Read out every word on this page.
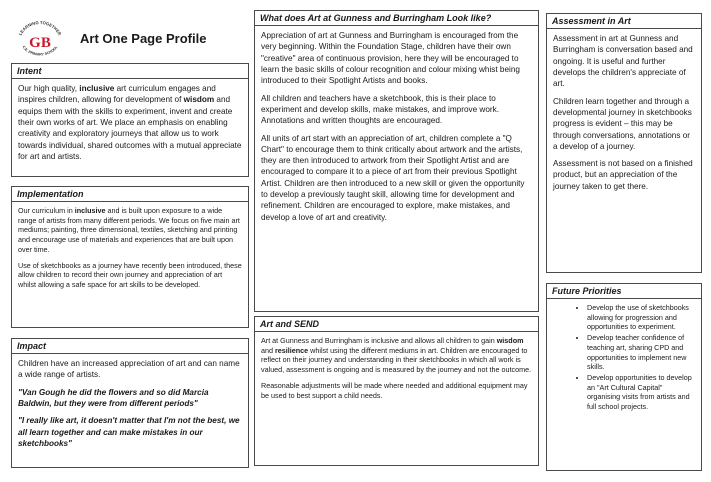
LEARNING TOGETHER
GB
C.E. PRIMARY SCHOOL
Art One Page Profile
Intent

Our high quality, inclusive art curriculum engages and inspires children, allowing for development of wisdom and equips them with the skills to experiment, invent and create their own works of art. We place an emphasis on enabling creativity and exploratory journeys that allow us to work towards individual, shared outcomes with a mutual appreciate for art and artists.

Implementation

Our curriculum in inclusive and is built upon exposure to a wide range of artists from many different periods. We focus on five main art mediums; painting, three dimensional, textiles, sketching and printing and encourage use of materials and experiences that are built upon over time.

Use of sketchbooks as a journey have recently been introduced, these allow children to record their own journey and appreciation of art whilst allowing a safe space for art skills to be developed.

Impact

Children have an increased appreciation of art and can name a wide range of artists.

"Van Gough he did the flowers and so did Marcia Baldwin, but they were from different periods"

"I really like art, it doesn't matter that I'm not the best, we all learn together and can make mistakes in our sketchbooks"

What does Art at Gunness and Burringham Look like?

Appreciation of art at Gunness and Burringham is encouraged from the very beginning. Within the Foundation Stage, children have their own "creative" area of continuous provision, here they will be encouraged to learn the basic skills of colour recognition and colour mixing whist being introduced to their Spotlight Artists and books.

All children and teachers have a sketchbook, this is their place to experiment and develop skills, make mistakes, and improve work. Annotations and written thoughts are encouraged.

All units of art start with an appreciation of art, children complete a "Q Chart" to encourage them to think critically about artwork and the artists, they are then introduced to artwork from their Spotlight Artist and are encouraged to compare it to a piece of art from their previous Spotlight Artist. Children are then introduced to a new skill or given the opportunity to develop a previously taught skill, allowing time for development and refinement. Children are encouraged to explore, make mistakes, and develop a love of art and creativity.

Art and SEND

Art at Gunness and Burringham is inclusive and allows all children to gain wisdom and resilience whilst using the different mediums in art. Children are encouraged to reflect on their journey and understanding in their sketchbooks in which all work is valued, assessment is ongoing and is measured by the journey and not the outcome.

Reasonable adjustments will be made where needed and additional equipment may be used to best support a child needs.

Assessment in Art

Assessment in art at Gunness and Burringham is conversation based and ongoing. It is useful and further develops the children's appreciate of art.

Children learn together and through a developmental journey in sketchbooks progress is evident – this may be through conversations, annotations or a develop of a journey.

Assessment is not based on a finished product, but an appreciation of the journey taken to get there.

Future Priorities
• Develop the use of sketchbooks allowing for progression and opportunities to experiment.
• Develop teacher confidence of teaching art, sharing CPD and opportunities to implement new skills.
• Develop opportunities to develop an "Art Cultural Capital" organising visits from artists and full school projects.
